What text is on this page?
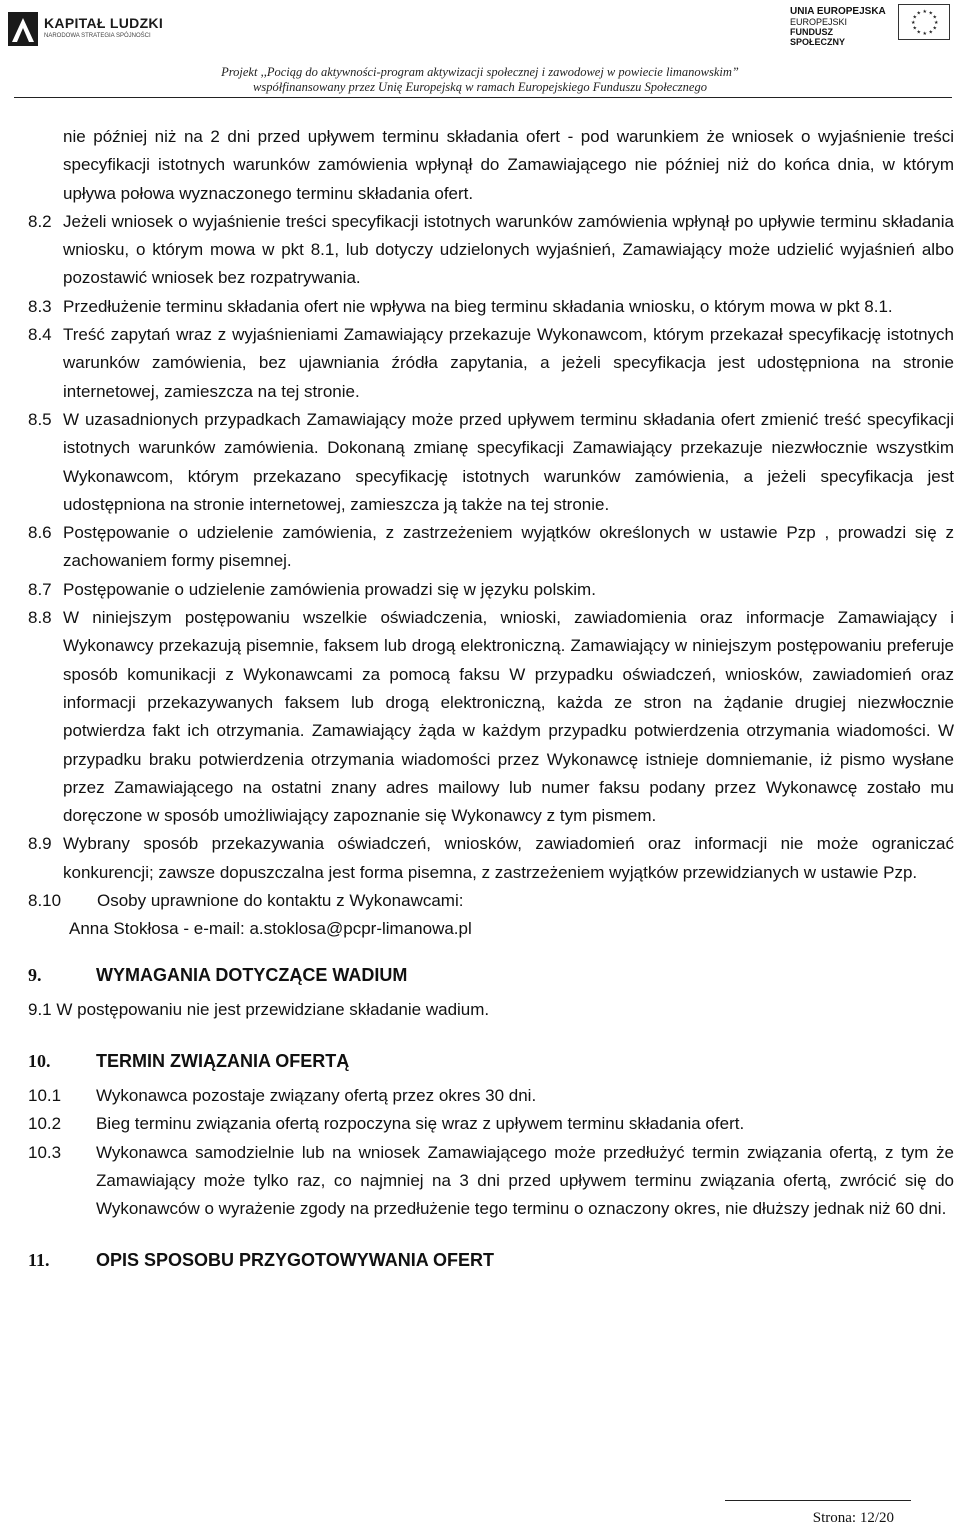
KAPITAŁ LUDZKI
NARODOWA STRATEGIA SPÓJNOŚCI
UNIA EUROPEJSKA
EUROPEJSKI
FUNDUSZ SPOŁECZNY
★ ★
★
★
★
★
★
★
★
★
★
★
Projekt ,,Pociąg do aktywności-program aktywizacji społecznej i zawodowej w powiecie limanowskim”
współfinansowany przez Unię Europejską w ramach Europejskiego Funduszu Społecznego

nie później niż na 2 dni przed upływem terminu składania ofert - pod warunkiem że wniosek o wyjaśnienie treści specyfikacji istotnych warunków zamówienia wpłynął do Zamawiającego nie później niż do końca dnia, w którym upływa połowa wyznaczonego terminu składania ofert.

8.2 Jeżeli wniosek o wyjaśnienie treści specyfikacji istotnych warunków zamówienia wpłynął po upływie terminu składania wniosku, o którym mowa w pkt 8.1, lub dotyczy udzielonych wyjaśnień, Zamawiający może udzielić wyjaśnień albo pozostawić wniosek bez rozpatrywania.

8.3 Przedłużenie terminu składania ofert nie wpływa na bieg terminu składania wniosku, o którym mowa w pkt 8.1.

8.4 Treść zapytań wraz z wyjaśnieniami Zamawiający przekazuje Wykonawcom, którym przekazał specyfikację istotnych warunków zamówienia, bez ujawniania źródła zapytania, a jeżeli specyfikacja jest udostępniona na stronie internetowej, zamieszcza na tej stronie.

8.5 W uzasadnionych przypadkach Zamawiający może przed upływem terminu składania ofert zmienić treść specyfikacji istotnych warunków zamówienia. Dokonaną zmianę specyfikacji Zamawiający przekazuje niezwłocznie wszystkim Wykonawcom, którym przekazano specyfikację istotnych warunków zamówienia, a jeżeli specyfikacja jest udostępniona na stronie internetowej, zamieszcza ją także na tej stronie.

8.6 Postępowanie o udzielenie zamówienia, z zastrzeżeniem wyjątków określonych w ustawie Pzp , prowadzi się z zachowaniem formy pisemnej.

8.7 Postępowanie o udzielenie zamówienia prowadzi się w języku polskim.

8.8 W niniejszym postępowaniu wszelkie oświadczenia, wnioski, zawiadomienia oraz informacje Zamawiający i Wykonawcy przekazują pisemnie, faksem lub drogą elektroniczną. Zamawiający w niniejszym postępowaniu preferuje sposób komunikacji z Wykonawcami za pomocą faksu W przypadku oświadczeń, wniosków, zawiadomień oraz informacji przekazywanych faksem lub drogą elektroniczną, każda ze stron na żądanie drugiej niezwłocznie potwierdza fakt ich otrzymania. Zamawiający żąda w każdym przypadku potwierdzenia otrzymania wiadomości. W przypadku braku potwierdzenia otrzymania wiadomości przez Wykonawcę istnieje domniemanie, iż pismo wysłane przez Zamawiającego na ostatni znany adres mailowy lub numer faksu podany przez Wykonawcę zostało mu doręczone w sposób umożliwiający zapoznanie się Wykonawcy z tym pismem.

8.9 Wybrany sposób przekazywania oświadczeń, wniosków, zawiadomień oraz informacji nie może ograniczać konkurencji; zawsze dopuszczalna jest forma pisemna, z zastrzeżeniem wyjątków przewidzianych w ustawie Pzp.

8.10 Osoby uprawnione do kontaktu z Wykonawcami:

Anna Stokłosa - e-mail: a.stoklosa@pcpr-limanowa.pl

9.	WYMAGANIA DOTYCZĄCE WADIUM

9.1 W postępowaniu nie jest przewidziane składanie wadium.

10.	TERMIN ZWIĄZANIA OFERTĄ

10.1 Wykonawca pozostaje związany ofertą przez okres 30 dni.

10.2 Bieg terminu związania ofertą rozpoczyna się wraz z upływem terminu składania ofert.

10.3 Wykonawca samodzielnie lub na wniosek Zamawiającego może przedłużyć termin związania ofertą, z tym że Zamawiający może tylko raz, co najmniej na 3 dni przed upływem terminu związania ofertą, zwrócić się do Wykonawców o wyrażenie zgody na przedłużenie tego terminu o oznaczony okres, nie dłuższy jednak niż 60 dni.

11.	OPIS SPOSOBU PRZYGOTOWYWANIA OFERT

Strona: 12/20
